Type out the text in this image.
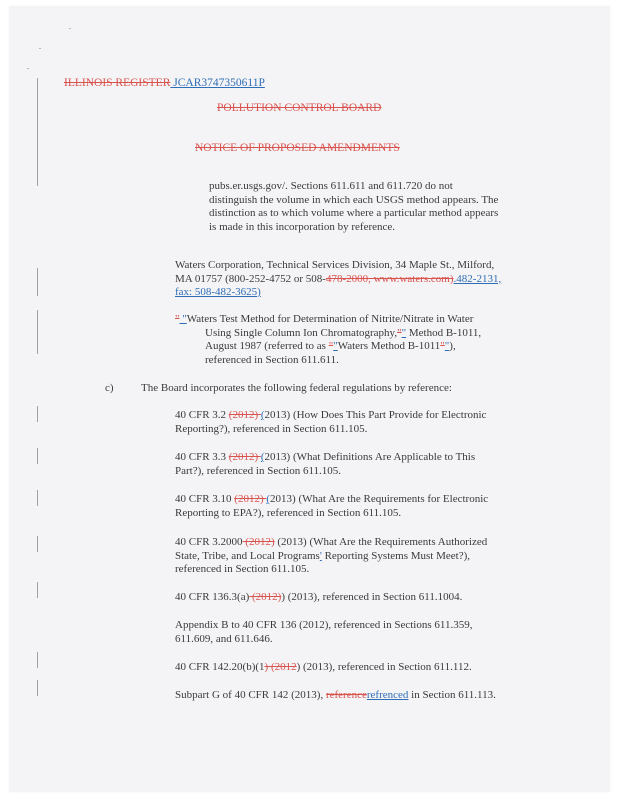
ILLINOIS REGISTER JCAR3747350611P
POLLUTION CONTROL BOARD
NOTICE OF PROPOSED AMENDMENTS
pubs.er.usgs.gov/. Sections 611.611 and 611.720 do not
distinguish the volume in which each USGS method appears. The
distinction as to which volume where a particular method appears
is made in this incorporation by reference.
Waters Corporation, Technical Services Division, 34 Maple St., Milford,
MA 01757 (800-252-4752 or 508-478-2000, www.waters.com).482-2131,
fax: 508-482-3625)
" "Waters Test Method for Determination of Nitrite/Nitrate in Water
Using Single Column Ion Chromatography,"" Method B-1011,
August 1987 (referred to as ""Waters Method B-1011""),
referenced in Section 611.611.
c) The Board incorporates the following federal regulations by reference:
40 CFR 3.2 (2012) (2013) (How Does This Part Provide for Electronic
Reporting?), referenced in Section 611.105.
40 CFR 3.3 (2012) (2013) (What Definitions Are Applicable to This
Part?), referenced in Section 611.105.
40 CFR 3.10 (2012) (2013) (What Are the Requirements for Electronic
Reporting to EPA?), referenced in Section 611.105.
40 CFR 3.2000 (2012) (2013) (What Are the Requirements Authorized
State, Tribe, and Local Programs' Reporting Systems Must Meet?),
referenced in Section 611.105.
40 CFR 136.3(a) (2012)) (2013), referenced in Section 611.1004.
Appendix B to 40 CFR 136 (2012), referenced in Sections 611.359,
611.609, and 611.646.
40 CFR 142.20(b)(1) (2012) (2013), referenced in Section 611.112.
Subpart G of 40 CFR 142 (2013), referencerefrenced in Section 611.113.
